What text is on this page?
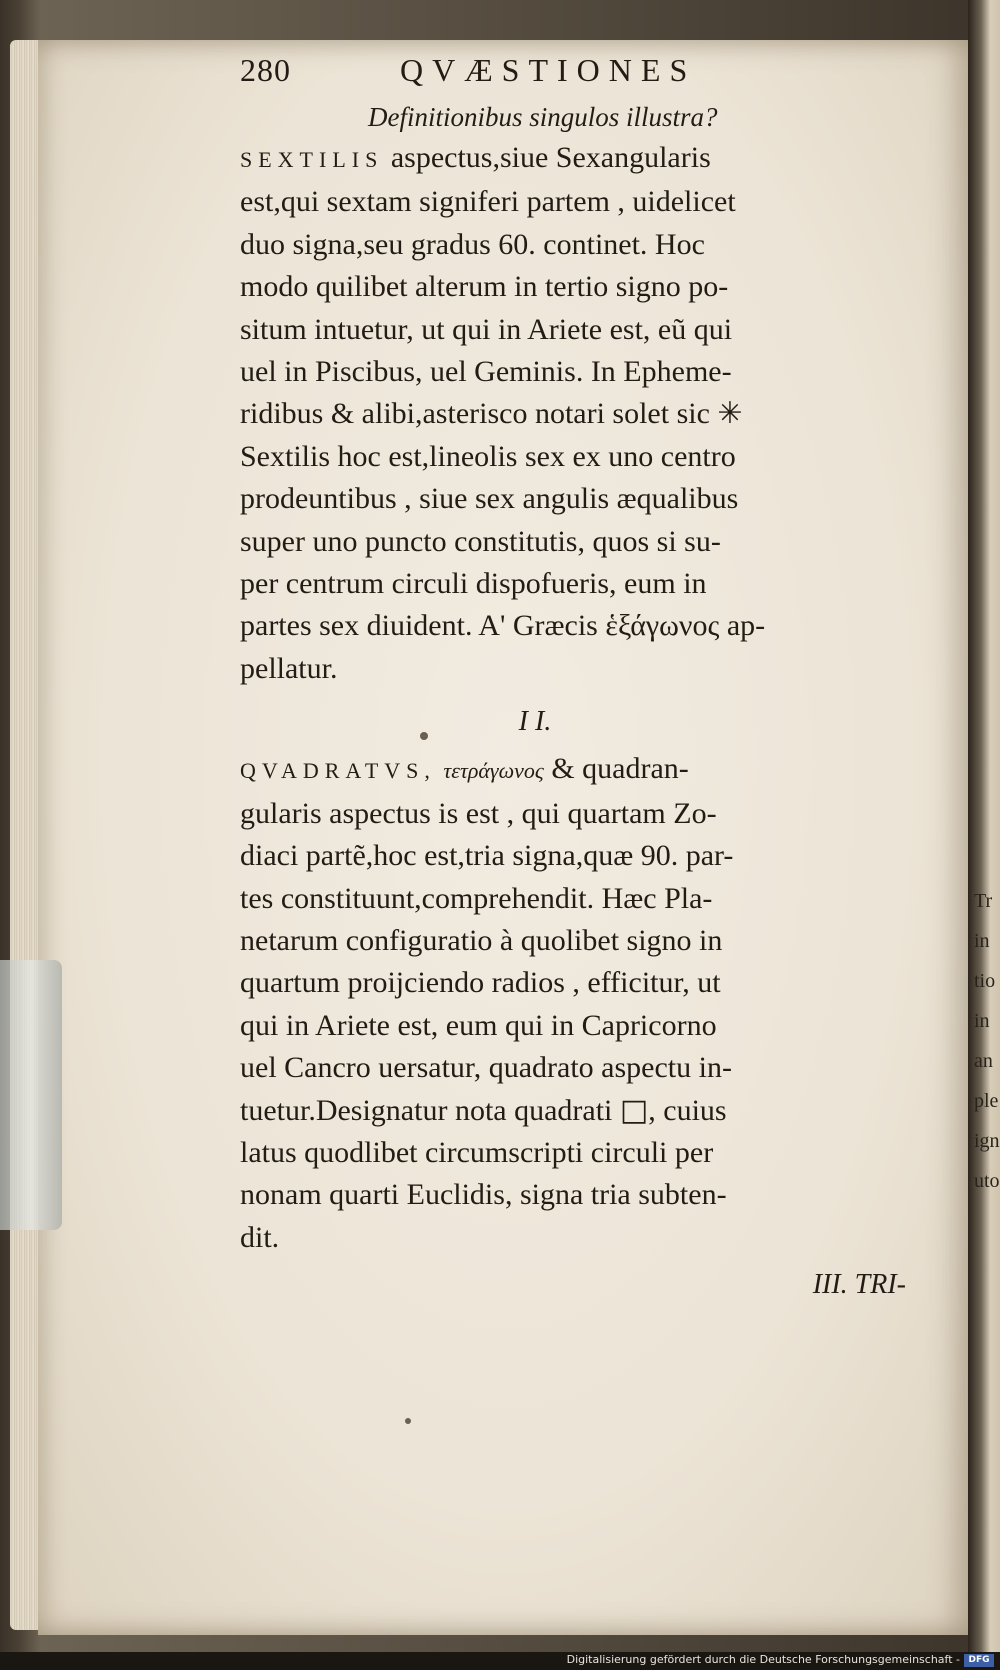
Tr
in
tio
in
an
ple
ign
uto
280	QVÆSTIONES
Definitionibus singulos illustra?

SEXTILIS aspectus,siue Sexangularis
est,qui sextam signiferi partem , uidelicet
duo signa,seu gradus 60. continet. Hoc
modo quilibet alterum in tertio signo po-
situm intuetur, ut qui in Ariete est, eũ qui
uel in Piscibus, uel Geminis. In Epheme-
ridibus & alibi,asterisco notari solet sic ✳
Sextilis hoc est,lineolis sex ex uno centro
prodeuntibus , siue sex angulis æqualibus
super uno puncto constitutis, quos si su-
per centrum circuli dispofueris, eum in
partes sex diuident. A' Græcis ἑξάγωνος ap-
pellatur.

I I.

QVADRATVS, τετράγωνος & quadran-
gularis aspectus is est , qui quartam Zo-
diaci partẽ,hoc est,tria signa,quæ 90. par-
tes constituunt,comprehendit. Hæc Pla-
netarum configuratio à quolibet signo in
quartum proijciendo radios , efficitur, ut
qui in Ariete est, eum qui in Capricorno
uel Cancro uersatur, quadrato aspectu in-
tuetur.Designatur nota quadrati □, cuius
latus quodlibet circumscripti circuli per
nonam quarti Euclidis, signa tria subten-
dit.

III. TRI-
Digitalisierung gefördert durch die Deutsche Forschungsgemeinschaft - DFG
